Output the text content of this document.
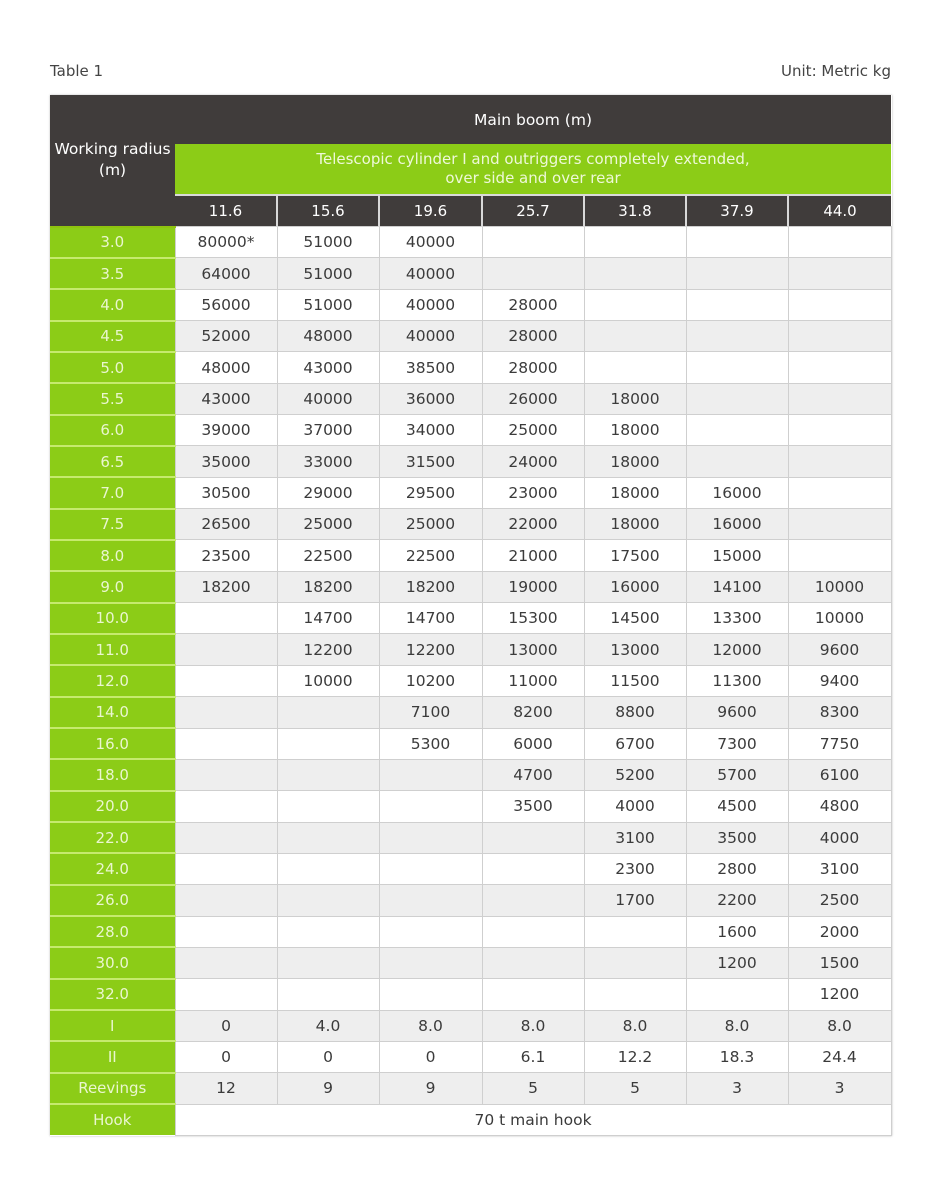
Table 1	Unit: Metric kg
Working radius (m)	Main boom (m)						
	Telescopic cylinder I and outriggers completely extended,
over side and over rear						
	11.6	15.6	19.6	25.7	31.8	37.9	44.0
3.0	80000*	51000	40000				
3.5	64000	51000	40000				
4.0	56000	51000	40000	28000			
4.5	52000	48000	40000	28000			
5.0	48000	43000	38500	28000			
5.5	43000	40000	36000	26000	18000		
6.0	39000	37000	34000	25000	18000		
6.5	35000	33000	31500	24000	18000		
7.0	30500	29000	29500	23000	18000	16000	
7.5	26500	25000	25000	22000	18000	16000	
8.0	23500	22500	22500	21000	17500	15000	
9.0	18200	18200	18200	19000	16000	14100	10000
10.0		14700	14700	15300	14500	13300	10000
11.0		12200	12200	13000	13000	12000	9600
12.0		10000	10200	11000	11500	11300	9400
14.0			7100	8200	8800	9600	8300
16.0			5300	6000	6700	7300	7750
18.0				4700	5200	5700	6100
20.0				3500	4000	4500	4800
22.0					3100	3500	4000
24.0					2300	2800	3100
26.0					1700	2200	2500
28.0						1600	2000
30.0						1200	1500
32.0							1200
I	0	4.0	8.0	8.0	8.0	8.0	8.0
II	0	0	0	6.1	12.2	18.3	24.4
Reevings	12	9	9	5	5	3	3
Hook	70 t main hook						
